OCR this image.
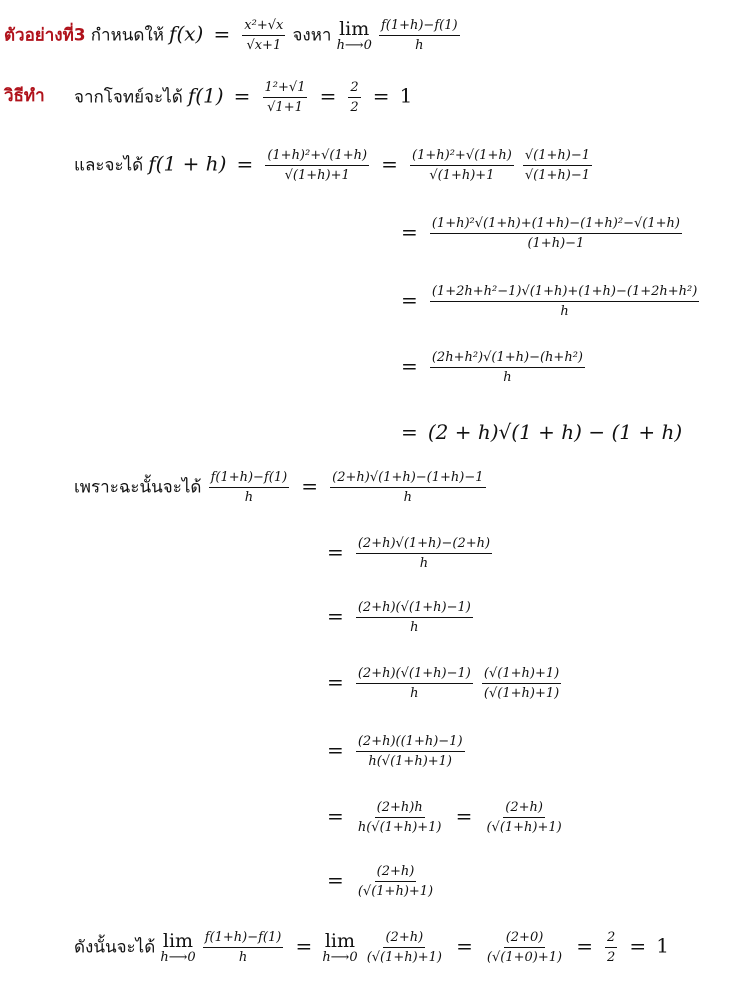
ตัวอย่างที่3 กำหนดให้ $f(x) = \frac{\text{x²+√x}}{√x+1}$ จงหา lim
h⟶0
$\frac{f(1+h)-f(1)}{h}$
วิธีทำ จากโจทย์จะได้ $f(1) = \frac{\text{1²+√1}}{√1+1} = \frac{2}{2} = 1$
และจะได้ $f(1 + h) = \frac{\text{(1+h)²+√(1+h)}}{√(1+h)+1} = \frac{\text{(1+h)²+√(1+h)}}{√(1+h)+1}$
$\frac{√(1+h)-1}{√(1+h)-1}$
= $\frac{\text{(1+h)²√(1+h)+(1+h)−(1+h)²−√(1+h)}}{(1+h)-1}$
= $\frac{\text{(1+2h+h²−1)√(1+h)+(1+h)−(1+2h+h²)}}{h}$
= $\frac{\text{(2h+h²)√(1+h)−(h+h²)}}{h}$
= (2 + h)√(1 + h) − (1 + h)
เพราะฉะนั้นจะได้ $\frac{f(1+h)-f(1)}{h} = \frac{(2+h)√(1+h)-(1+h)-1}{h}$
= $\frac{(2+h)√(1+h)-(2+h)}{h}$
= $\frac{(2+h)(√(1+h)-1)}{h}$
= $\frac{(2+h)(√(1+h)-1)}{h}$
$\frac{(√(1+h)+1)}{(√(1+h)+1)}$
= $\frac{(2+h)((1+h)-1)}{h(√(1+h)+1)}$
= $\frac{(2+h)h}{h(√(1+h)+1)} = \frac{(2+h)}{(√(1+h)+1)}$
= $\frac{(2+h)}{(√(1+h)+1)}$
ดังนั้นจะได้ lim
h⟶0
$\frac{f(1+h)-f(1)}{h} = \lim$
h⟶0
$\frac{(2+h)}{(√(1+h)+1)} = \frac{(2+0)}{(√(1+0)+1)} = \frac{2}{2} = 1$
